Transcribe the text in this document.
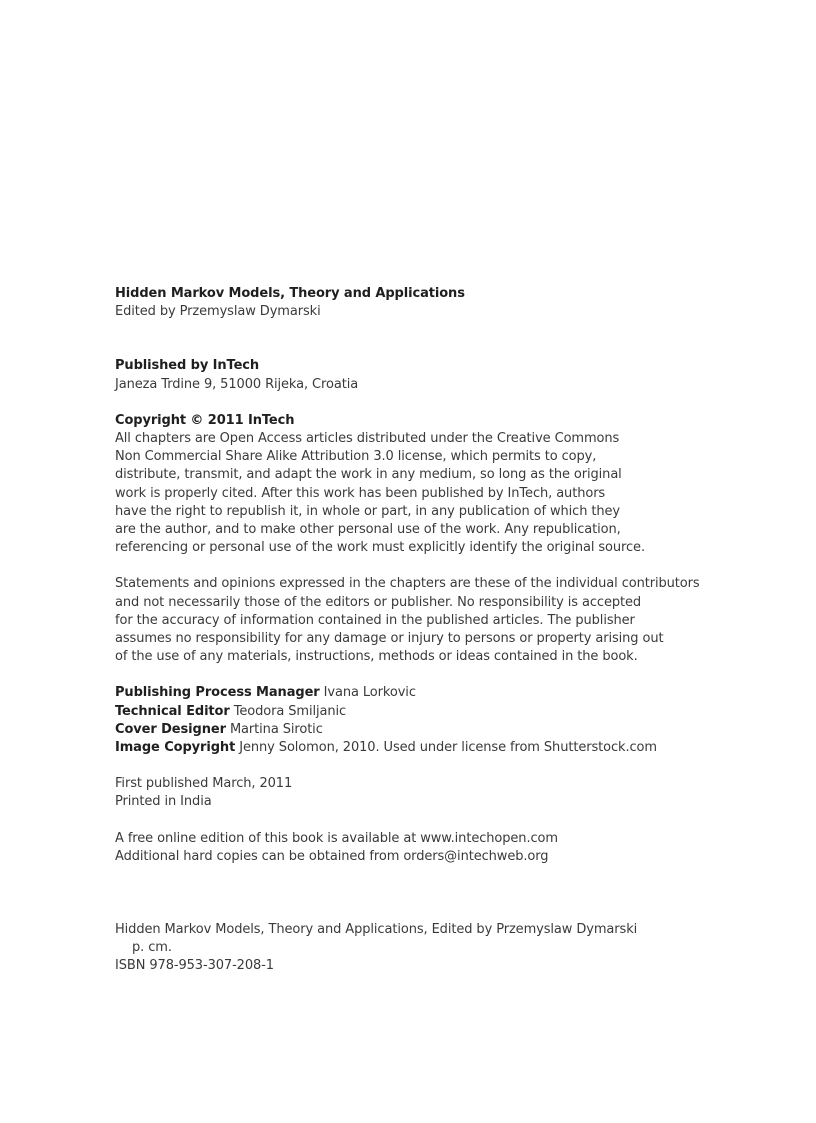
Hidden Markov Models, Theory and Applications
Edited by Przemyslaw Dymarski
Published by InTech
Janeza Trdine 9, 51000 Rijeka, Croatia
Copyright © 2011 InTech
All chapters are Open Access articles distributed under the Creative Commons
Non Commercial Share Alike Attribution 3.0 license, which permits to copy,
distribute, transmit, and adapt the work in any medium, so long as the original
work is properly cited. After this work has been published by InTech, authors
have the right to republish it, in whole or part, in any publication of which they
are the author, and to make other personal use of the work. Any republication,
referencing or personal use of the work must explicitly identify the original source.
Statements and opinions expressed in the chapters are these of the individual contributors
and not necessarily those of the editors or publisher. No responsibility is accepted
for the accuracy of information contained in the published articles. The publisher
assumes no responsibility for any damage or injury to persons or property arising out
of the use of any materials, instructions, methods or ideas contained in the book.
Publishing Process Manager Ivana Lorkovic
Technical Editor Teodora Smiljanic
Cover Designer Martina Sirotic
Image Copyright Jenny Solomon, 2010. Used under license from Shutterstock.com
First published March, 2011
Printed in India
A free online edition of this book is available at www.intechopen.com
Additional hard copies can be obtained from orders@intechweb.org
Hidden Markov Models, Theory and Applications, Edited by Przemyslaw Dymarski
p. cm.
ISBN 978-953-307-208-1
